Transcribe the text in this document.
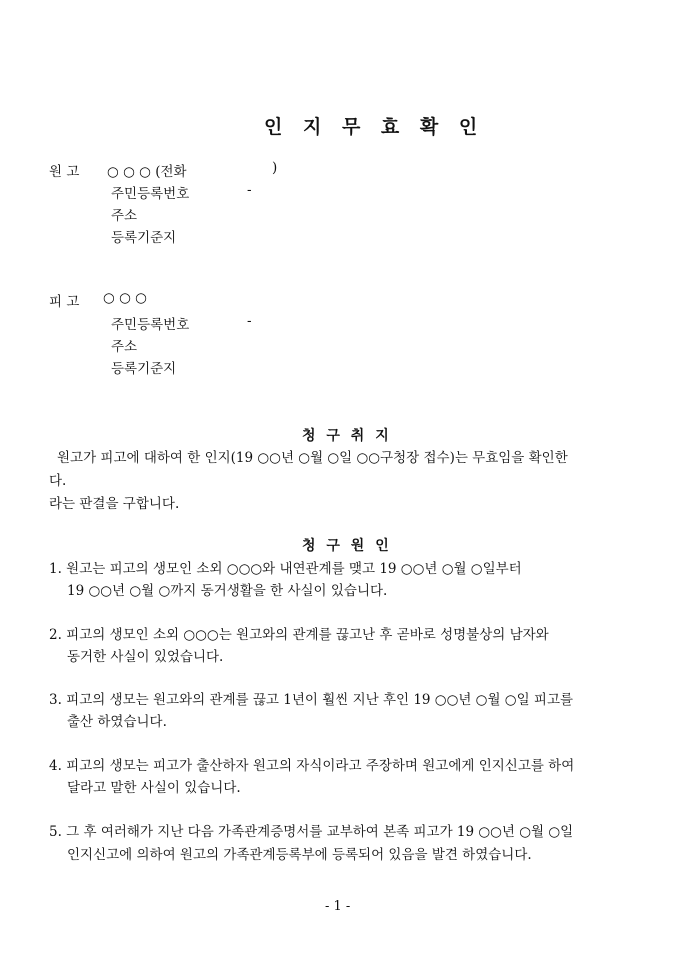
인 지 무 효 확 인
원 고 ○ ○ ○ (전화	)
주민등록번호	-
주소
등록기준지
피 고 ○ ○ ○
주민등록번호	-
주소
등록기준지
청 구 취 지
원고가 피고에 대하여 한 인지(19 ○○년 ○월 ○일 ○○구청장 접수)는 무효임을 확인한
다.
라는 판결을 구합니다.
청 구 원 인
1. 원고는 피고의 생모인 소외 ○○○와 내연관계를 맺고 19 ○○년 ○월 ○일부터
19 ○○년 ○월 ○까지 동거생활을 한 사실이 있습니다.
2. 피고의 생모인 소외 ○○○는 원고와의 관계를 끊고난 후 곧바로 성명불상의 남자와
동거한 사실이 있었습니다.
3. 피고의 생모는 원고와의 관계를 끊고 1년이 훨씬 지난 후인 19 ○○년 ○월 ○일 피고를
출산 하였습니다.
4. 피고의 생모는 피고가 출산하자 원고의 자식이라고 주장하며 원고에게 인지신고를 하여
달라고 말한 사실이 있습니다.
5. 그 후 여러해가 지난 다음 가족관계증명서를 교부하여 본족 피고가 19 ○○년 ○월 ○일
인지신고에 의하여 원고의 가족관계등록부에 등록되어 있음을 발견 하였습니다.
- 1 -
